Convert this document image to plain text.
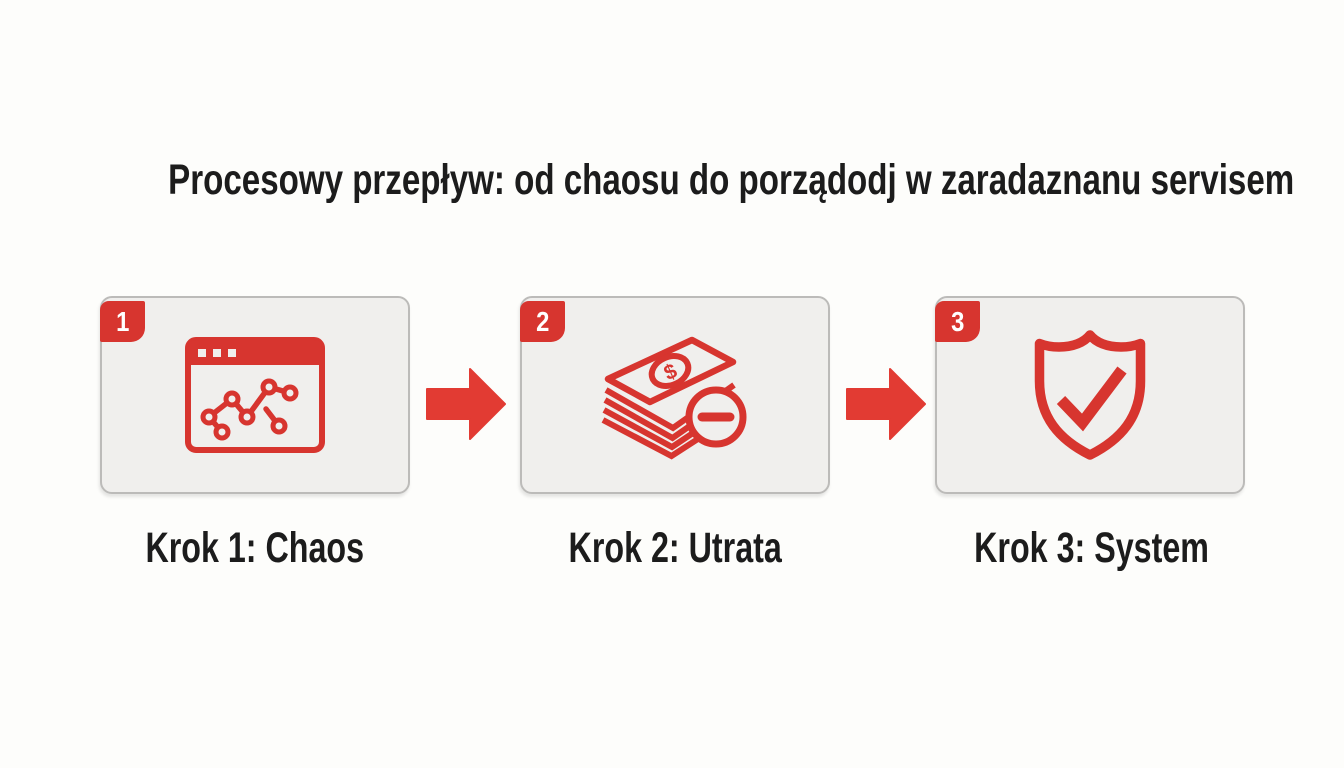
Procesowy przepływ: od chaosu do porządodj w zaradaznanu servisem
1	2
$
3
Krok 1: Chaos	Krok 2: Utrata	Krok 3: System
